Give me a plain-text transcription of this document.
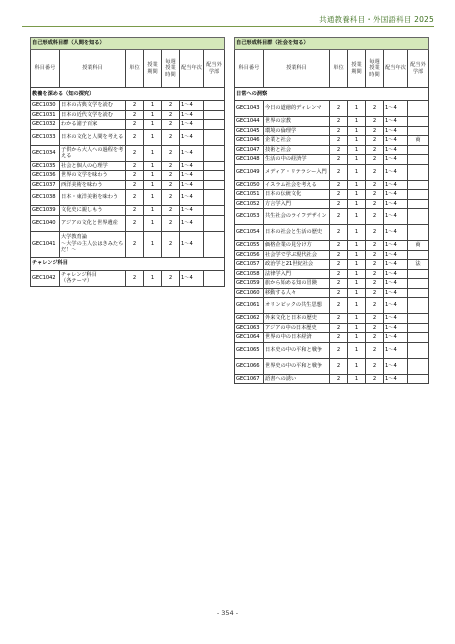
共通教養科目・外国語科目 2025
自己形成科目群（人間を知る）						
科目番号	授業科目	単位	授業期間	毎週授業時間	配当年次	配当外学部
教養を深める（知の探究）						
GEC1030	日本の古典文学を読む	2	1	2	1～4	
GEC1031	日本の近代文学を読む	2	1	2	1～4	
GEC1032	わかる諸子百家	2	1	2	1～4	
GEC1033	日本の文化と人間を考える	2	1	2	1～4	
GEC1034	子供から大人への過程を考える	2	1	2	1～4	
GEC1035	社会と個人の心理学	2	1	2	1～4	
GEC1036	世界の文学を味わう	2	1	2	1～4	
GEC1037	西洋美術を味わう	2	1	2	1～4	
GEC1038	日本・東洋美術を味わう	2	1	2	1～4	
GEC1039	文化史に親しもう	2	1	2	1～4	
GEC1040	アジアの文化と世界遺産	2	1	2	1～4	
GEC1041	大学教育論
～大学の主人公はきみたちだ！～	2	1	2	1～4	
チャレンジ科目						
GEC1042	チャレンジ科目
（各テーマ）	2	1	2	1～4	
自己形成科目群（社会を知る）						
科目番号	授業科目	単位	授業期間	毎週授業時間	配当年次	配当外学部
日常への洞察						
GEC1043	今日の道徳的ディレンマ	2	1	2	1～4	
GEC1044	世界の宗教	2	1	2	1～4	
GEC1045	環境の倫理学	2	1	2	1～4	
GEC1046	企業と社会	2	1	2	1～4	商
GEC1047	技術と社会	2	1	2	1～4	
GEC1048	生活の中の経済学	2	1	2	1～4	
GEC1049	メディア・リテラシー入門	2	1	2	1～4	
GEC1050	イスラム社会を考える	2	1	2	1～4	
GEC1051	日本の伝統文化	2	1	2	1～4	
GEC1052	方言学入門	2	1	2	1～4	
GEC1053	共生社会のライフデザイン	2	1	2	1～4	
GEC1054	日本の社会と生活の歴史	2	1	2	1～4	
GEC1055	価格企業の見分け方	2	1	2	1～4	商
GEC1056	社会学で学ぶ現代社会	2	1	2	1～4	
GEC1057	政治学と21世紀社会	2	1	2	1～4	法
GEC1058	法律学入門	2	1	2	1～4	
GEC1059	旅から始める知の冒険	2	1	2	1～4	
GEC1060	移動する人々	2	1	2	1～4	
GEC1061	オリンピックの共生思想	2	1	2	1～4	
GEC1062	外来文化と日本の歴史	2	1	2	1～4	
GEC1063	アジアの中の日本歴史	2	1	2	1～4	
GEC1064	世界の中の日本経済	2	1	2	1～4	
GEC1065	日本史の中の平和と戦争	2	1	2	1～4	
GEC1066	世界史の中の平和と戦争	2	1	2	1～4	
GEC1067	語書への誘い	2	1	2	1～4	
- 354 -
